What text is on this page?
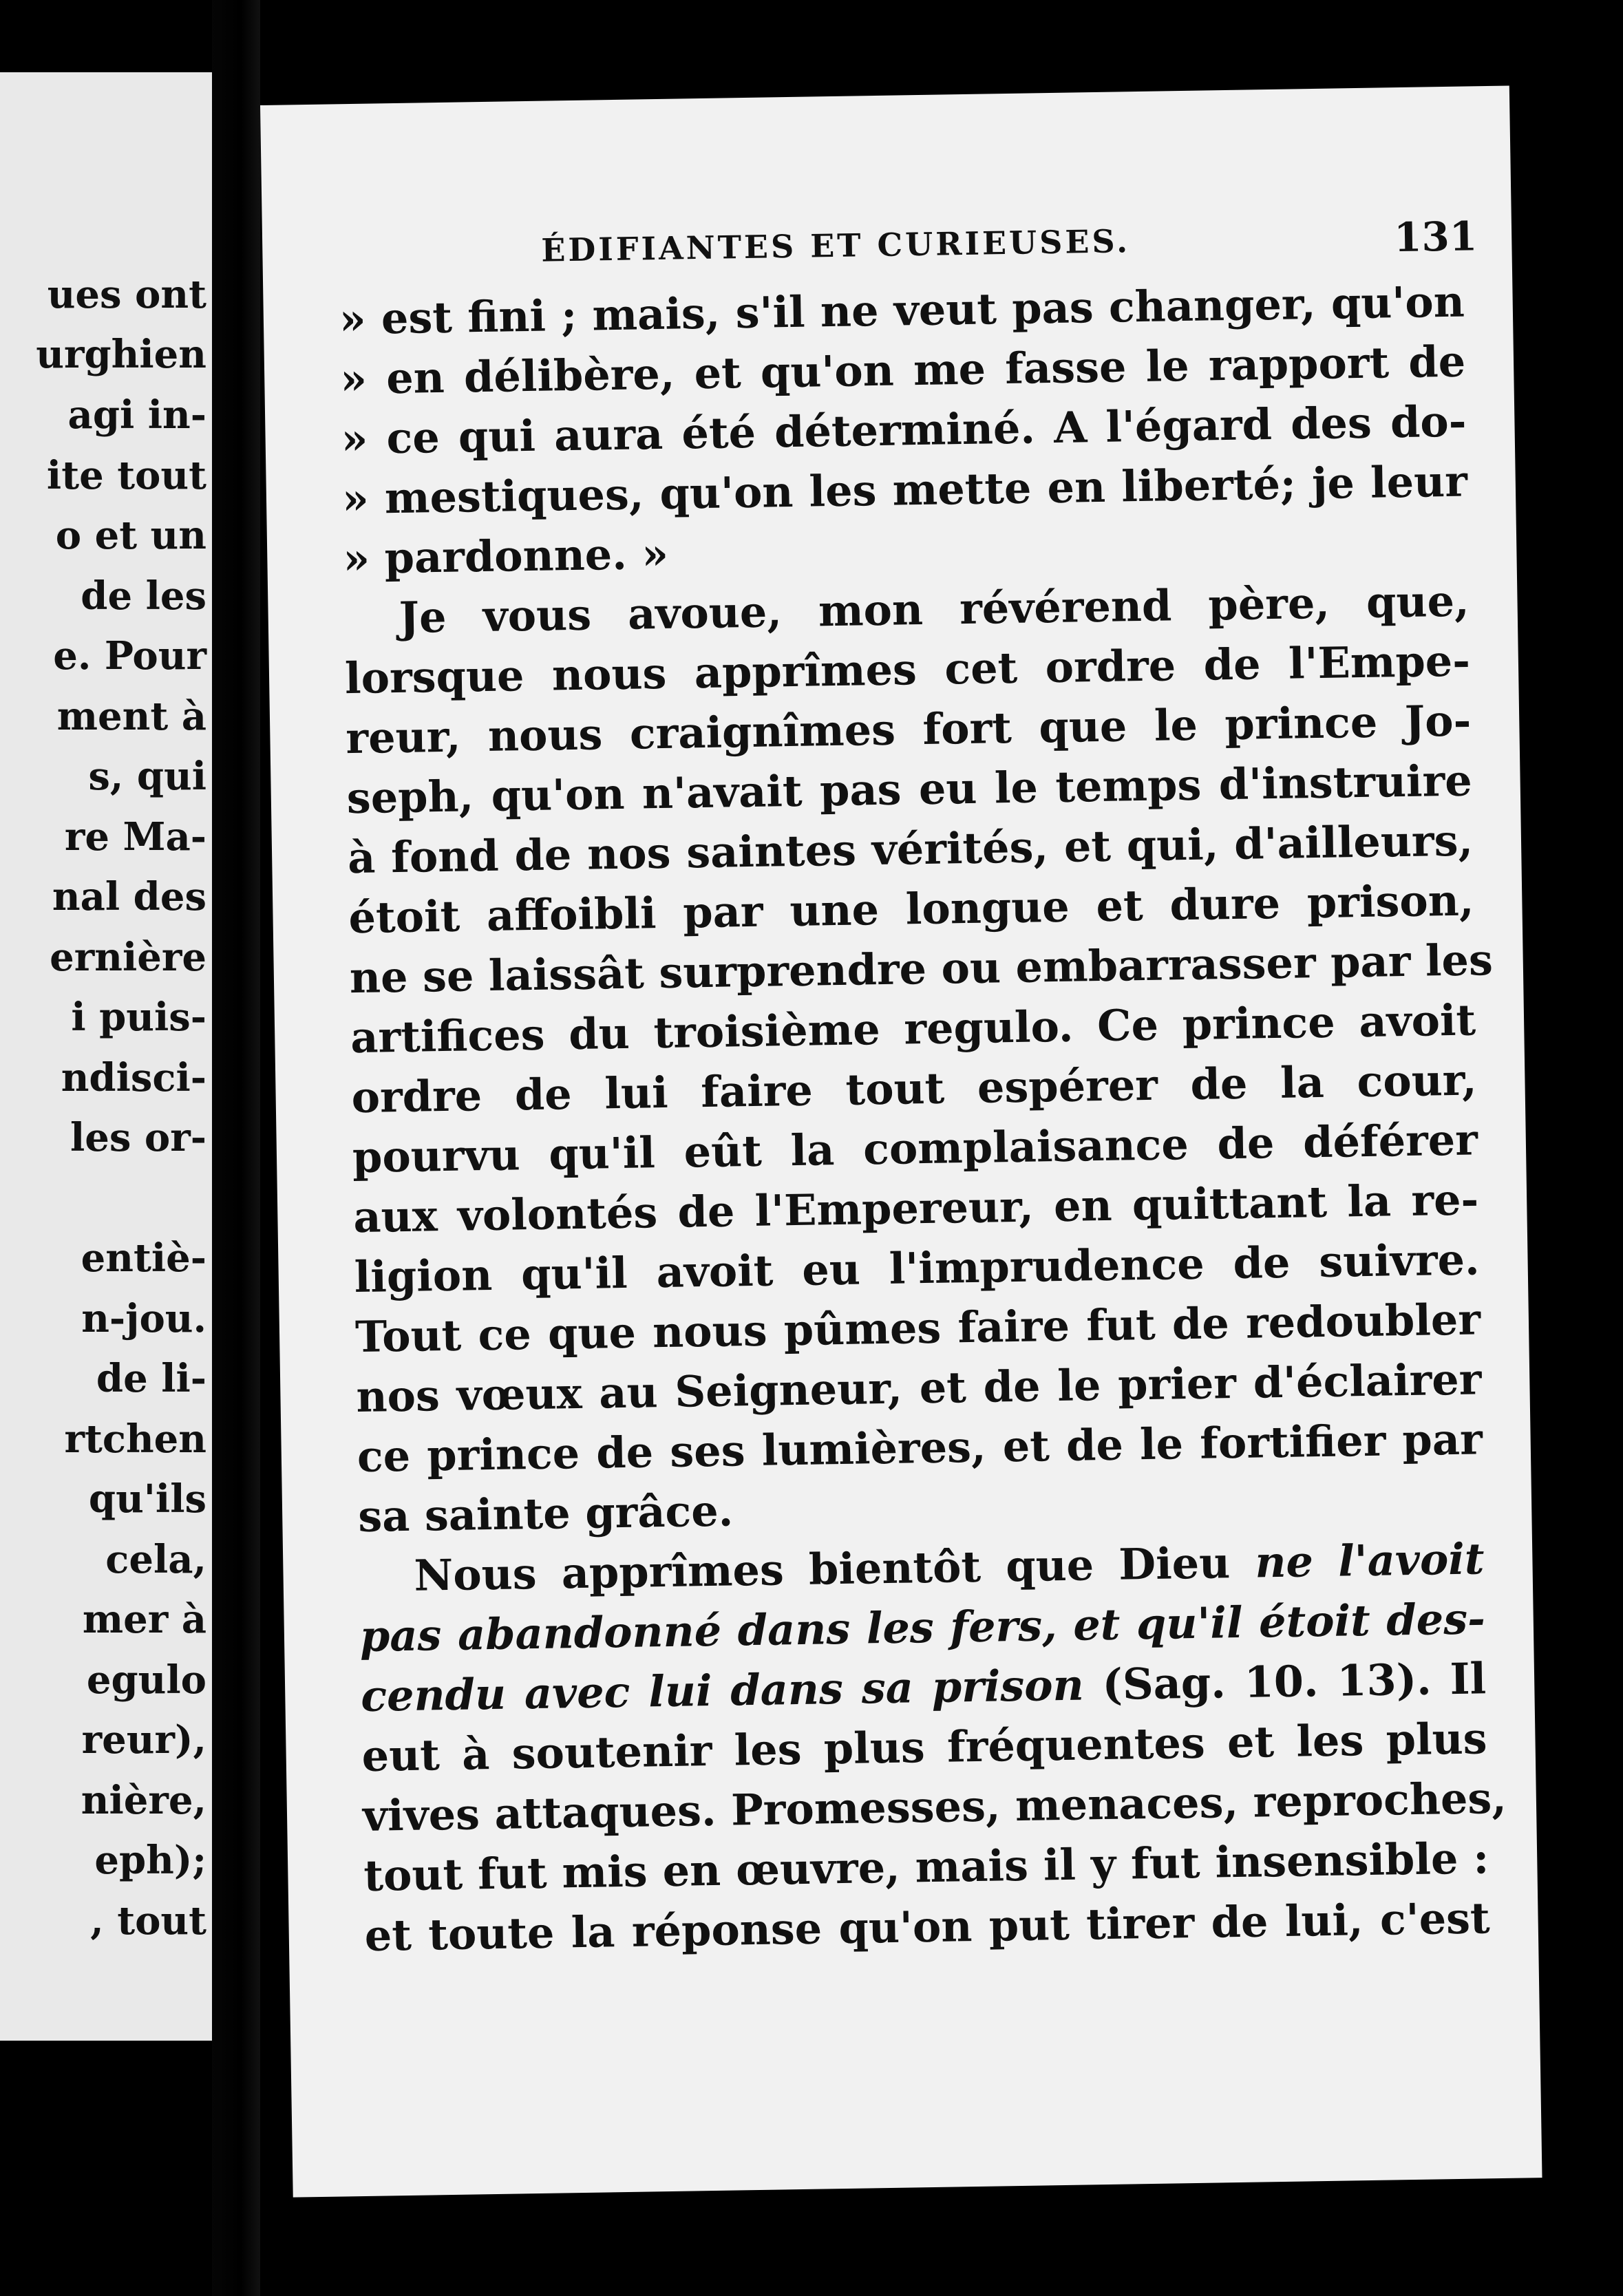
ues ont
urghien
agi in-
ite tout
o et un
de les
e. Pour
ment à
s, qui
re Ma-
nal des
ernière
i puis-
ndisci-
les or-
entiè-
n-jou.
de li-
rtchen
qu'ils
cela,
mer à
egulo
reur),
nière,
eph);
, tout
ÉDIFIANTES ET CURIEUSES.	131
» est fini ; mais, s'il ne veut pas changer, qu'on
» en délibère, et qu'on me fasse le rapport de
» ce qui aura été déterminé. A l'égard des do-
» mestiques, qu'on les mette en liberté; je leur
» pardonne. »
Je vous avoue, mon révérend père, que,
lorsque nous apprîmes cet ordre de l'Empe-
reur, nous craignîmes fort que le prince Jo-
seph, qu'on n'avait pas eu le temps d'instruire
à fond de nos saintes vérités, et qui, d'ailleurs,
étoit affoibli par une longue et dure prison,
ne se laissât surprendre ou embarrasser par les
artifices du troisième regulo. Ce prince avoit
ordre de lui faire tout espérer de la cour,
pourvu qu'il eût la complaisance de déférer
aux volontés de l'Empereur, en quittant la re-
ligion qu'il avoit eu l'imprudence de suivre.
Tout ce que nous pûmes faire fut de redoubler
nos vœux au Seigneur, et de le prier d'éclairer
ce prince de ses lumières, et de le fortifier par
sa sainte grâce.
Nous apprîmes bientôt que Dieu ne l'avoit
pas abandonné dans les fers, et qu'il étoit des-
cendu avec lui dans sa prison (Sag. 10. 13). Il
eut à soutenir les plus fréquentes et les plus
vives attaques. Promesses, menaces, reproches,
tout fut mis en œuvre, mais il y fut insensible :
et toute la réponse qu'on put tirer de lui, c'est
